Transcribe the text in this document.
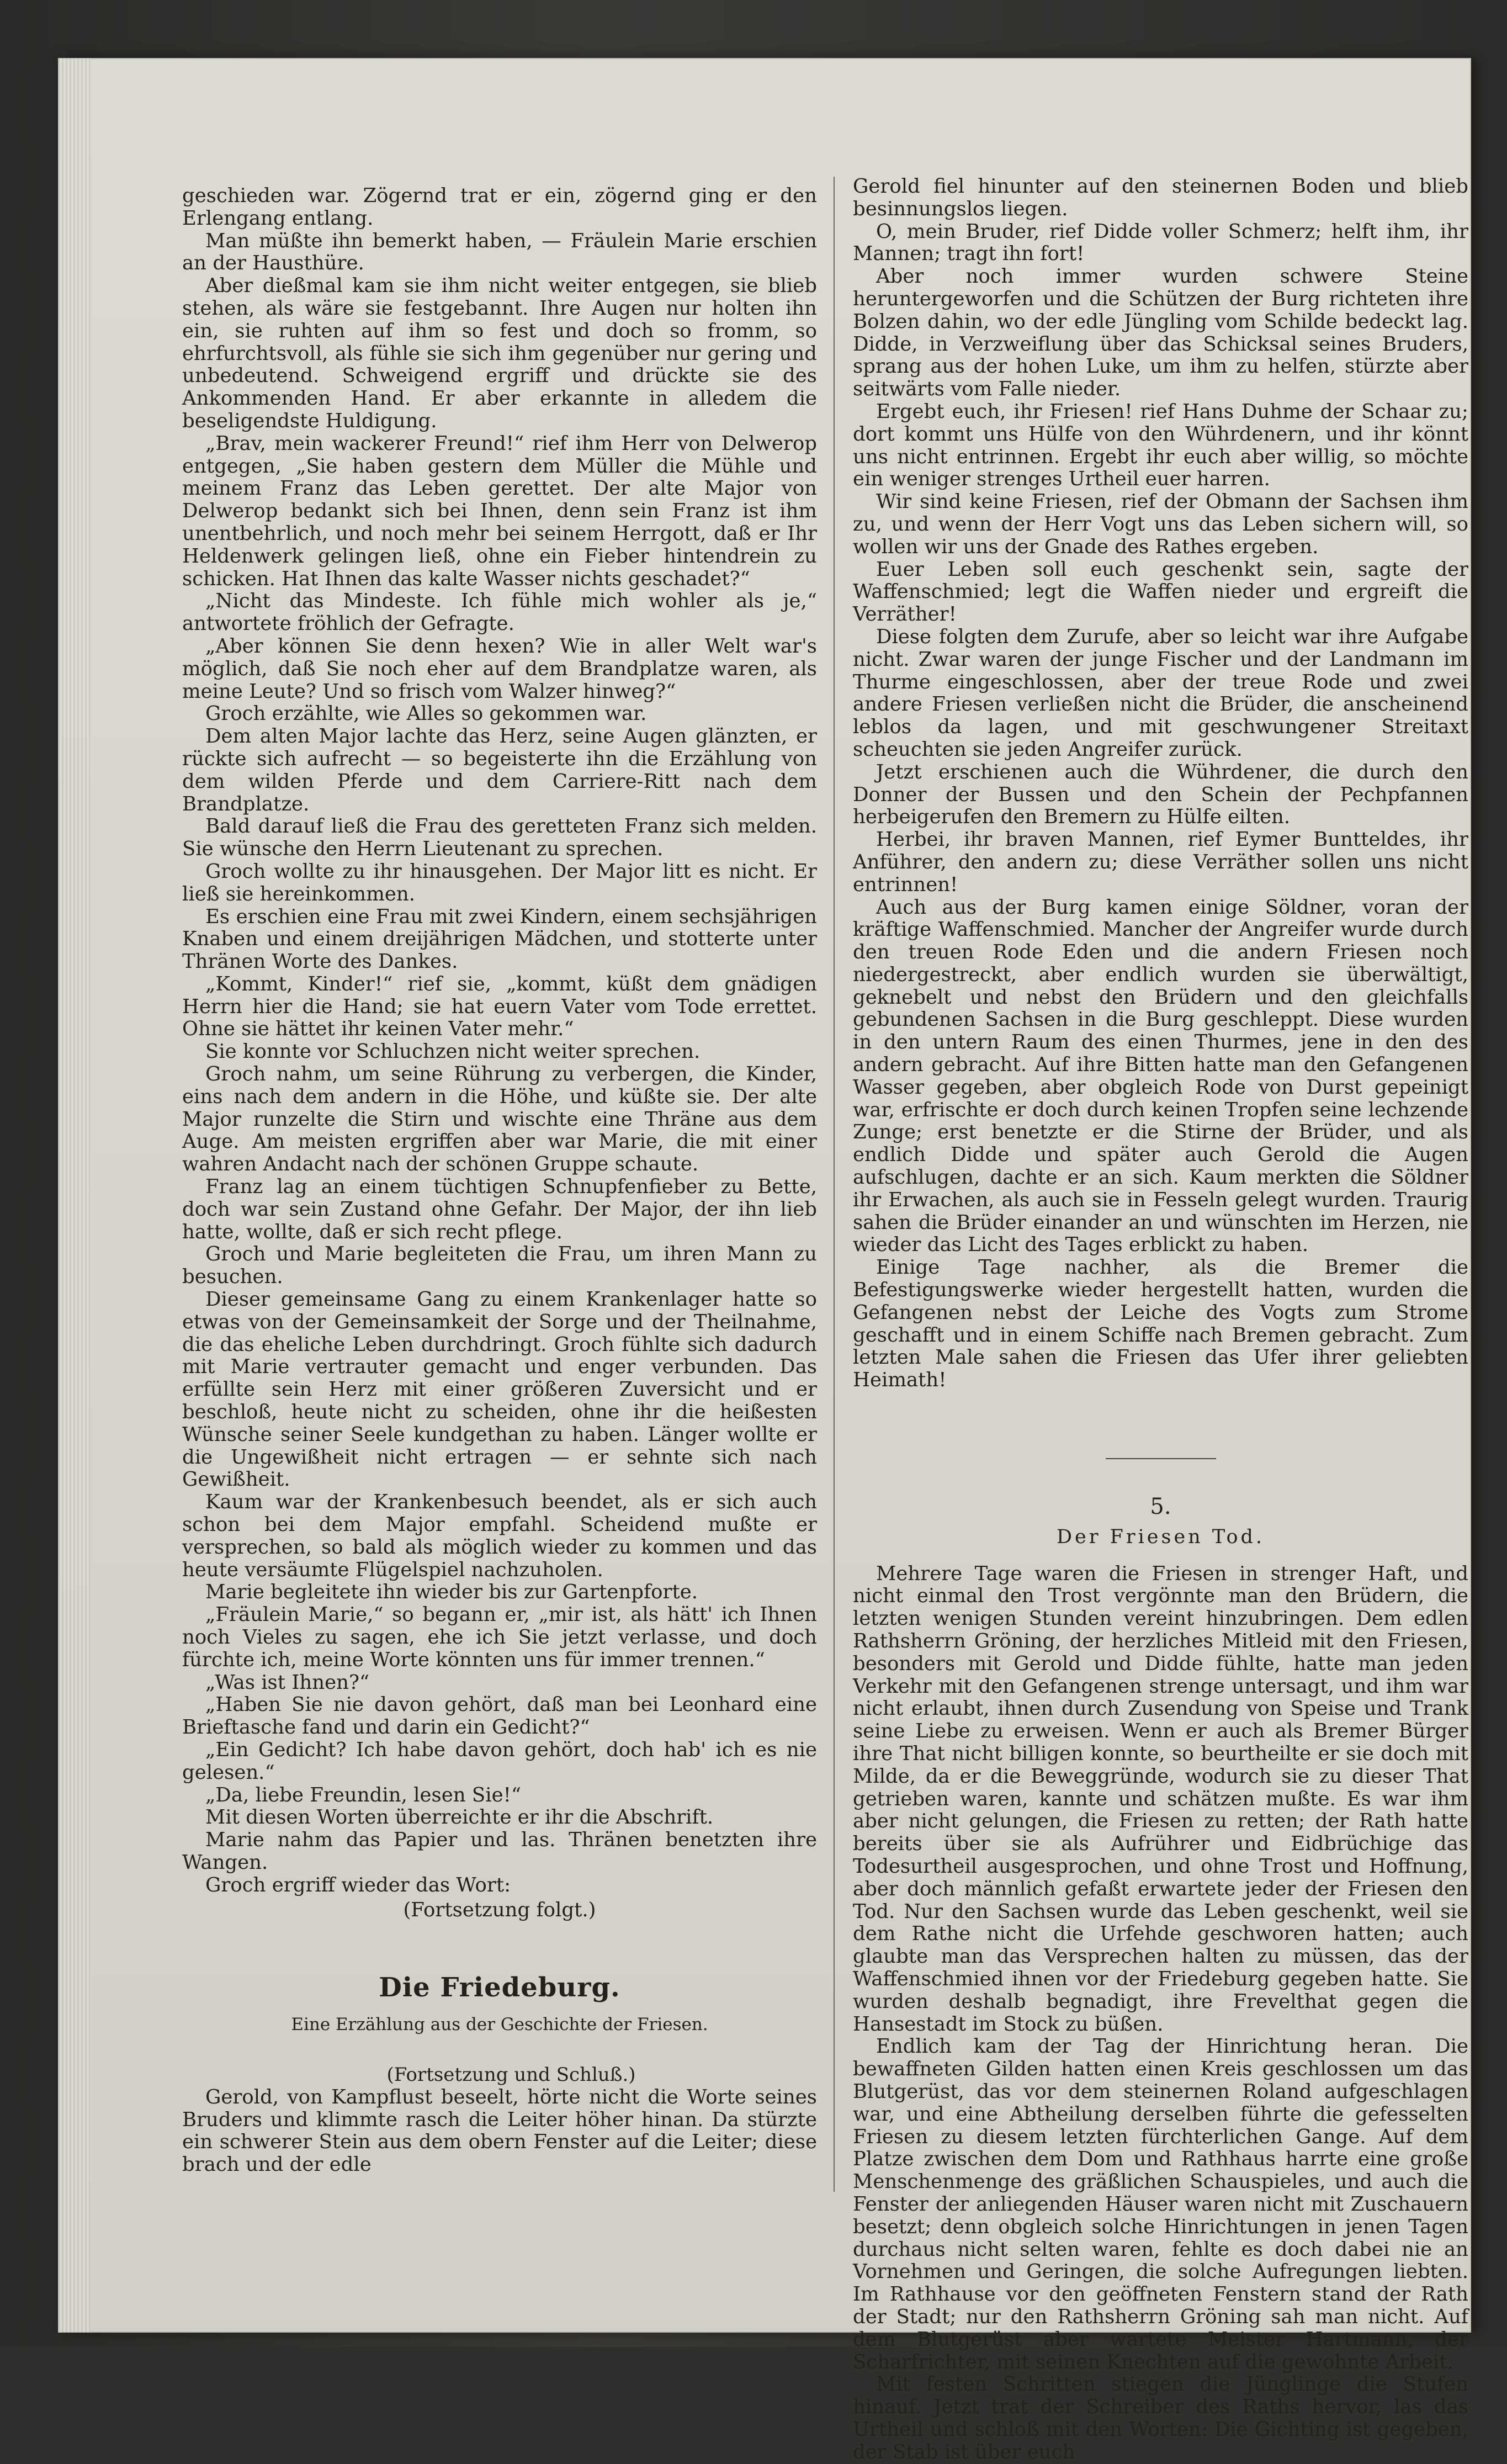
geschieden war. Zögernd trat er ein, zögernd ging er den Erlengang entlang.

Man müßte ihn bemerkt haben, — Fräulein Marie erschien an der Hausthüre.

Aber dießmal kam sie ihm nicht weiter entgegen, sie blieb stehen, als wäre sie festgebannt. Ihre Augen nur holten ihn ein, sie ruhten auf ihm so fest und doch so fromm, so ehrfurchtsvoll, als fühle sie sich ihm gegenüber nur gering und unbedeutend. Schweigend ergriff und drückte sie des Ankommenden Hand. Er aber erkannte in alledem die beseligendste Huldigung.

„Brav, mein wackerer Freund!“ rief ihm Herr von Delwerop entgegen, „Sie haben gestern dem Müller die Mühle und meinem Franz das Leben gerettet. Der alte Major von Delwerop bedankt sich bei Ihnen, denn sein Franz ist ihm unentbehrlich, und noch mehr bei seinem Herrgott, daß er Ihr Heldenwerk gelingen ließ, ohne ein Fieber hintendrein zu schicken. Hat Ihnen das kalte Wasser nichts geschadet?“

„Nicht das Mindeste. Ich fühle mich wohler als je,“ antwortete fröhlich der Gefragte.

„Aber können Sie denn hexen? Wie in aller Welt war's möglich, daß Sie noch eher auf dem Brandplatze waren, als meine Leute? Und so frisch vom Walzer hinweg?“

Groch erzählte, wie Alles so gekommen war.

Dem alten Major lachte das Herz, seine Augen glänzten, er rückte sich aufrecht — so begeisterte ihn die Erzählung von dem wilden Pferde und dem Carriere-Ritt nach dem Brandplatze.

Bald darauf ließ die Frau des geretteten Franz sich melden. Sie wünsche den Herrn Lieutenant zu sprechen.

Groch wollte zu ihr hinausgehen. Der Major litt es nicht. Er ließ sie hereinkommen.

Es erschien eine Frau mit zwei Kindern, einem sechsjährigen Knaben und einem dreijährigen Mädchen, und stotterte unter Thränen Worte des Dankes.

„Kommt, Kinder!“ rief sie, „kommt, küßt dem gnädigen Herrn hier die Hand; sie hat euern Vater vom Tode errettet. Ohne sie hättet ihr keinen Vater mehr.“

Sie konnte vor Schluchzen nicht weiter sprechen.

Groch nahm, um seine Rührung zu verbergen, die Kinder, eins nach dem andern in die Höhe, und küßte sie. Der alte Major runzelte die Stirn und wischte eine Thräne aus dem Auge. Am meisten ergriffen aber war Marie, die mit einer wahren Andacht nach der schönen Gruppe schaute.

Franz lag an einem tüchtigen Schnupfenfieber zu Bette, doch war sein Zustand ohne Gefahr. Der Major, der ihn lieb hatte, wollte, daß er sich recht pflege.

Groch und Marie begleiteten die Frau, um ihren Mann zu besuchen.

Dieser gemeinsame Gang zu einem Krankenlager hatte so etwas von der Gemeinsamkeit der Sorge und der Theilnahme, die das eheliche Leben durchdringt. Groch fühlte sich dadurch mit Marie vertrauter gemacht und enger verbunden. Das erfüllte sein Herz mit einer größeren Zuversicht und er beschloß, heute nicht zu scheiden, ohne ihr die heißesten Wünsche seiner Seele kundgethan zu haben. Länger wollte er die Ungewißheit nicht ertragen — er sehnte sich nach Gewißheit.

Kaum war der Krankenbesuch beendet, als er sich auch schon bei dem Major empfahl. Scheidend mußte er versprechen, so bald als möglich wieder zu kommen und das heute versäumte Flügelspiel nachzuholen.

Marie begleitete ihn wieder bis zur Gartenpforte.

„Fräulein Marie,“ so begann er, „mir ist, als hätt' ich Ihnen noch Vieles zu sagen, ehe ich Sie jetzt verlasse, und doch fürchte ich, meine Worte könnten uns für immer trennen.“

„Was ist Ihnen?“

„Haben Sie nie davon gehört, daß man bei Leonhard eine Brieftasche fand und darin ein Gedicht?“

„Ein Gedicht? Ich habe davon gehört, doch hab' ich es nie gelesen.“

„Da, liebe Freundin, lesen Sie!“

Mit diesen Worten überreichte er ihr die Abschrift.

Marie nahm das Papier und las. Thränen benetzten ihre Wangen.

Groch ergriff wieder das Wort:

(Fortsetzung folgt.)

Die Friedeburg.
Eine Erzählung aus der Geschichte der Friesen.

(Fortsetzung und Schluß.)

Gerold, von Kampflust beseelt, hörte nicht die Worte seines Bruders und klimmte rasch die Leiter höher hinan. Da stürzte ein schwerer Stein aus dem obern Fenster auf die Leiter; diese brach und der edle

Gerold fiel hinunter auf den steinernen Boden und blieb besinnungslos liegen.

O, mein Bruder, rief Didde voller Schmerz; helft ihm, ihr Mannen; tragt ihn fort!

Aber noch immer wurden schwere Steine heruntergeworfen und die Schützen der Burg richteten ihre Bolzen dahin, wo der edle Jüngling vom Schilde bedeckt lag. Didde, in Verzweiflung über das Schicksal seines Bruders, sprang aus der hohen Luke, um ihm zu helfen, stürzte aber seitwärts vom Falle nieder.

Ergebt euch, ihr Friesen! rief Hans Duhme der Schaar zu; dort kommt uns Hülfe von den Wührdenern, und ihr könnt uns nicht entrinnen. Ergebt ihr euch aber willig, so möchte ein weniger strenges Urtheil euer harren.

Wir sind keine Friesen, rief der Obmann der Sachsen ihm zu, und wenn der Herr Vogt uns das Leben sichern will, so wollen wir uns der Gnade des Rathes ergeben.

Euer Leben soll euch geschenkt sein, sagte der Waffenschmied; legt die Waffen nieder und ergreift die Verräther!

Diese folgten dem Zurufe, aber so leicht war ihre Aufgabe nicht. Zwar waren der junge Fischer und der Landmann im Thurme eingeschlossen, aber der treue Rode und zwei andere Friesen verließen nicht die Brüder, die anscheinend leblos da lagen, und mit geschwungener Streitaxt scheuchten sie jeden Angreifer zurück.

Jetzt erschienen auch die Wührdener, die durch den Donner der Bussen und den Schein der Pechpfannen herbeigerufen den Bremern zu Hülfe eilten.

Herbei, ihr braven Mannen, rief Eymer Buntteldes, ihr Anführer, den andern zu; diese Verräther sollen uns nicht entrinnen!

Auch aus der Burg kamen einige Söldner, voran der kräftige Waffenschmied. Mancher der Angreifer wurde durch den treuen Rode Eden und die andern Friesen noch niedergestreckt, aber endlich wurden sie überwältigt, geknebelt und nebst den Brüdern und den gleichfalls gebundenen Sachsen in die Burg geschleppt. Diese wurden in den untern Raum des einen Thurmes, jene in den des andern gebracht. Auf ihre Bitten hatte man den Gefangenen Wasser gegeben, aber obgleich Rode von Durst gepeinigt war, erfrischte er doch durch keinen Tropfen seine lechzende Zunge; erst benetzte er die Stirne der Brüder, und als endlich Didde und später auch Gerold die Augen aufschlugen, dachte er an sich. Kaum merkten die Söldner ihr Erwachen, als auch sie in Fesseln gelegt wurden. Traurig sahen die Brüder einander an und wünschten im Herzen, nie wieder das Licht des Tages erblickt zu haben.

Einige Tage nachher, als die Bremer die Befestigungswerke wieder hergestellt hatten, wurden die Gefangenen nebst der Leiche des Vogts zum Strome geschafft und in einem Schiffe nach Bremen gebracht. Zum letzten Male sahen die Friesen das Ufer ihrer geliebten Heimath!

5.
Der Friesen Tod.

Mehrere Tage waren die Friesen in strenger Haft, und nicht einmal den Trost vergönnte man den Brüdern, die letzten wenigen Stunden vereint hinzubringen. Dem edlen Rathsherrn Gröning, der herzliches Mitleid mit den Friesen, besonders mit Gerold und Didde fühlte, hatte man jeden Verkehr mit den Gefangenen strenge untersagt, und ihm war nicht erlaubt, ihnen durch Zusendung von Speise und Trank seine Liebe zu erweisen. Wenn er auch als Bremer Bürger ihre That nicht billigen konnte, so beurtheilte er sie doch mit Milde, da er die Beweggründe, wodurch sie zu dieser That getrieben waren, kannte und schätzen mußte. Es war ihm aber nicht gelungen, die Friesen zu retten; der Rath hatte bereits über sie als Aufrührer und Eidbrüchige das Todesurtheil ausgesprochen, und ohne Trost und Hoffnung, aber doch männlich gefaßt erwartete jeder der Friesen den Tod. Nur den Sachsen wurde das Leben geschenkt, weil sie dem Rathe nicht die Urfehde geschworen hatten; auch glaubte man das Versprechen halten zu müssen, das der Waffenschmied ihnen vor der Friedeburg gegeben hatte. Sie wurden deshalb begnadigt, ihre Frevelthat gegen die Hansestadt im Stock zu büßen.

Endlich kam der Tag der Hinrichtung heran. Die bewaffneten Gilden hatten einen Kreis geschlossen um das Blutgerüst, das vor dem steinernen Roland aufgeschlagen war, und eine Abtheilung derselben führte die gefesselten Friesen zu diesem letzten fürchterlichen Gange. Auf dem Platze zwischen dem Dom und Rathhaus harrte eine große Menschenmenge des gräßlichen Schauspieles, und auch die Fenster der anliegenden Häuser waren nicht mit Zuschauern besetzt; denn obgleich solche Hinrichtungen in jenen Tagen durchaus nicht selten waren, fehlte es doch dabei nie an Vornehmen und Geringen, die solche Aufregungen liebten. Im Rathhause vor den geöffneten Fenstern stand der Rath der Stadt; nur den Rathsherrn Gröning sah man nicht. Auf dem Blutgerüst aber wartete Meister Hartmann, der Scharfrichter, mit seinen Knechten auf die gewohnte Arbeit.

Mit festen Schritten stiegen die Jünglinge die Stufen hinauf. Jetzt trat der Schreiber des Raths hervor, las das Urtheil und schloß mit den Worten: Die Gichting ist gegeben, der Stab ist über euch
